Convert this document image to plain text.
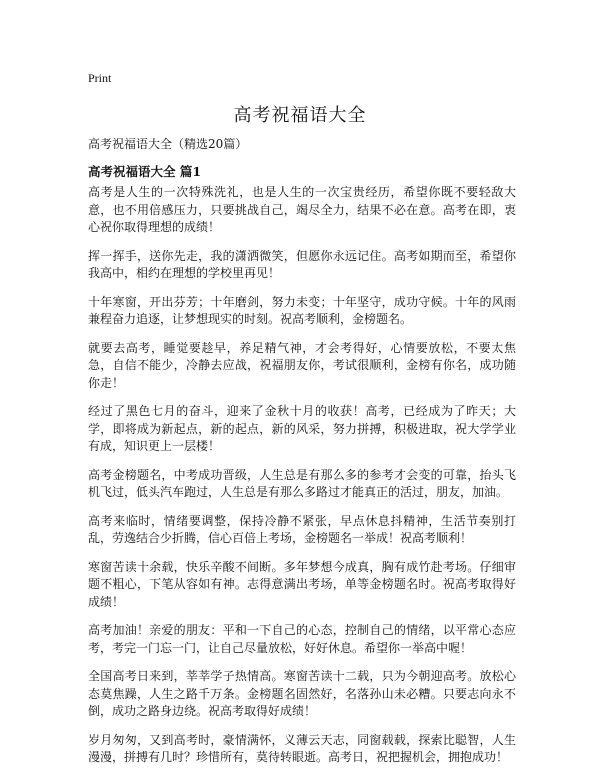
Print
高考祝福语大全
高考祝福语大全（精选20篇）
高考祝福语大全 篇1

高考是人生的一次特殊洗礼，也是人生的一次宝贵经历，希望你既不要轻敌大意，也不用倍感压力，只要挑战自己，竭尽全力，结果不必在意。高考在即，衷心祝你取得理想的成绩！

挥一挥手，送你先走，我的潇洒微笑，但愿你永远记住。高考如期而至，希望你我高中，相约在理想的学校里再见！

十年寒窗，开出芬芳；十年磨剑，努力未变；十年坚守，成功守候。十年的风雨兼程奋力追逐，让梦想现实的时刻。祝高考顺利，金榜题名。

就要去高考，睡觉要趁早，养足精气神，才会考得好，心情要放松，不要太焦急，自信不能少，冷静去应战，祝福朋友你，考试很顺利，金榜有你名，成功随你走！

经过了黑色七月的奋斗，迎来了金秋十月的收获！高考，已经成为了昨天；大学，即将成为新起点，新的起点，新的风采，努力拼搏，积极进取，祝大学学业有成，知识更上一层楼！

高考金榜题名，中考成功晋级，人生总是有那么多的参考才会变的可靠，抬头飞机飞过，低头汽车跑过，人生总是有那么多路过才能真正的活过，朋友，加油。

高考来临时，情绪要调整，保持冷静不紧张，早点休息抖精神，生活节奏别打乱，劳逸结合少折腾，信心百倍上考场，金榜题名一举成！祝高考顺利！

寒窗苦读十余载，快乐辛酸不间断。多年梦想今成真，胸有成竹赴考场。仔细审题不粗心，下笔从容如有神。志得意满出考场，单等金榜题名时。祝高考取得好成绩！

高考加油！亲爱的朋友：平和一下自己的心态，控制自己的情绪，以平常心态应考，考完一门忘一门，让自己尽量放松，好好休息。希望你一举高中喔！

全国高考日来到，莘莘学子热情高。寒窗苦读十二载，只为今朝迎高考。放松心态莫焦躁，人生之路千万条。金榜题名固然好，名落孙山未必糟。只要志向永不倒，成功之路身边绕。祝高考取得好成绩！

岁月匆匆，又到高考时，豪情满怀，义薄云天志，同窗载载，探索比聪智，人生漫漫，拼搏有几时？珍惜所有，莫待转眼逝。高考日，祝把握机会，拥抱成功！
